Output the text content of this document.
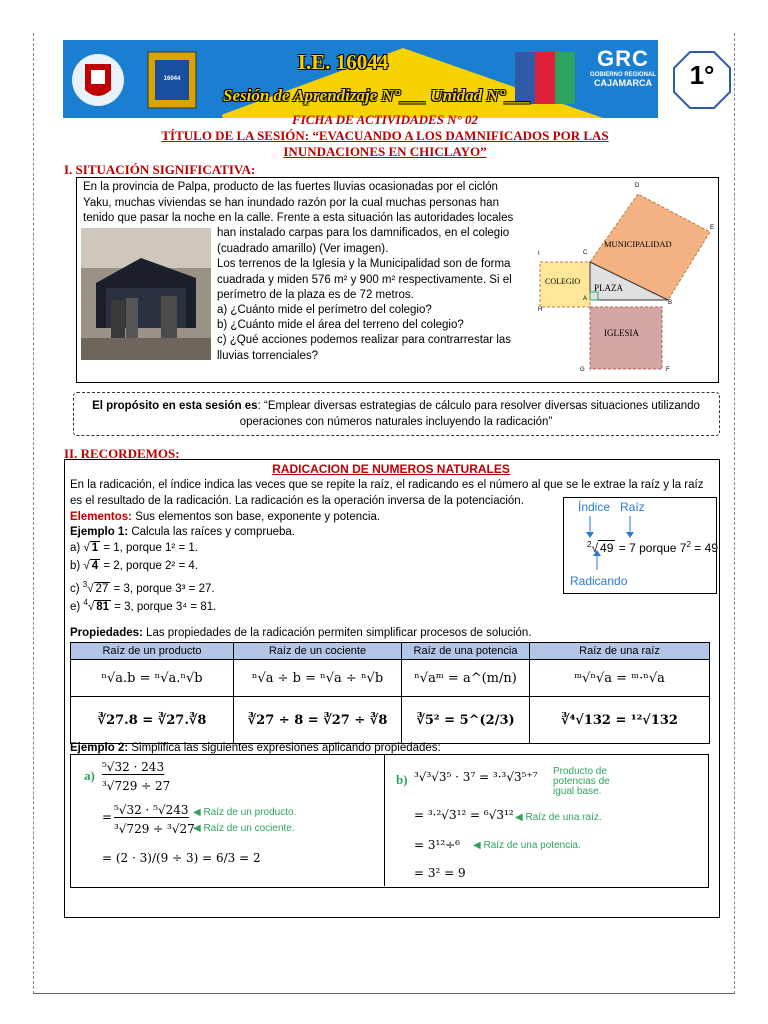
I.E. 16044
Sesión de Aprendizaje N°___ Unidad N°___
16044
GRC
GOBIERNO REGIONAL
CAJAMARCA	1°
FICHA DE ACTIVIDADES N° 02
TÍTULO DE LA SESIÓN: “EVACUANDO A LOS DAMNIFICADOS POR LAS
INUNDACIONES EN CHICLAYO”
I. SITUACIÓN SIGNIFICATIVA:
En la provincia de Palpa, producto de las fuertes lluvias ocasionadas por el ciclón Yaku, muchas viviendas se han inundado razón por la cual muchas personas han tenido que pasar la noche en la calle. Frente a esta situación las autoridades locales
han instalado carpas para los damnificados, en el colegio (cuadrado amarillo) (Ver imagen).
Los terrenos de la Iglesia y la Municipalidad son de forma cuadrada y miden 576 m² y 900 m² respectivamente. Si el perímetro de la plaza es de 72 metros.
a) ¿Cuánto mide el perímetro del colegio?
b) ¿Cuánto mide el área del terreno del colegio?
c) ¿Qué acciones podemos realizar para contrarrestar las lluvias torrenciales?
MUNICIPALIDAD
COLEGIO
PLAZA
IGLESIA
D
E
C
I
B
A
H
G	F
El propósito en esta sesión es: “Emplear diversas estrategias de cálculo para resolver diversas situaciones utilizando operaciones con números naturales incluyendo la radicación”
II. RECORDEMOS:
RADICACION DE NUMEROS NATURALES
En la radicación, el índice indica las veces que se repite la raíz, el radicando es el número al que se le extrae la raíz y la raíz es el resultado de la radicación. La radicación es la operación inversa de la potenciación.
Elementos: Sus elementos son base, exponente y potencia.
Ejemplo 1: Calcula las raíces y comprueba.
a) √ 1 = 1, porque 1² = 1.
b) √ 4 = 2, porque 2² = 4.
c) $^3$√ 27 = 3, porque 3³ = 27.
e) $^4$√ 81 = 3, porque 3⁴ = 81.
Índice Raíz
$^2$√ 49 = 7 porque $7^2 = 49$
Radicando
Propiedades: Las propiedades de la radicación permiten simplificar procesos de solución.
Raíz de un producto	Raíz de un cociente	Raíz de una potencia	Raíz de una raíz
ⁿ√a.b = ⁿ√a.ⁿ√b	ⁿ√a ÷ b = ⁿ√a ÷ ⁿ√b	ⁿ√aᵐ = a^(m/n)	ᵐ√ⁿ√a = ᵐ·ⁿ√a
∛27.8 = ∛27.∛8	∛27 ÷ 8 = ∛27 ÷ ∛8	∛5² = 5^(2/3)	∛⁴√132 = ¹²√132
Ejemplo 2: Simplifica las siguientes expresiones aplicando propiedades:
a)
⁵√32 · 243
³√729 ÷ 27
= ⁵√32 · ⁵√243
³√729 ÷ ³√27
◀ Raíz de un producto.
◀ Raíz de un cociente.
= (2 · 3)/(9 ÷ 3) = 6/3 = 2
b) ³√³√3⁵ · 3⁷ = ³·³√3⁵⁺⁷ Producto de potencias de igual base.
= ³·²√3¹² = ⁶√3¹² ◀ Raíz de una raíz.
= 3¹²÷⁶ ◀ Raíz de una potencia.
= 3² = 9
